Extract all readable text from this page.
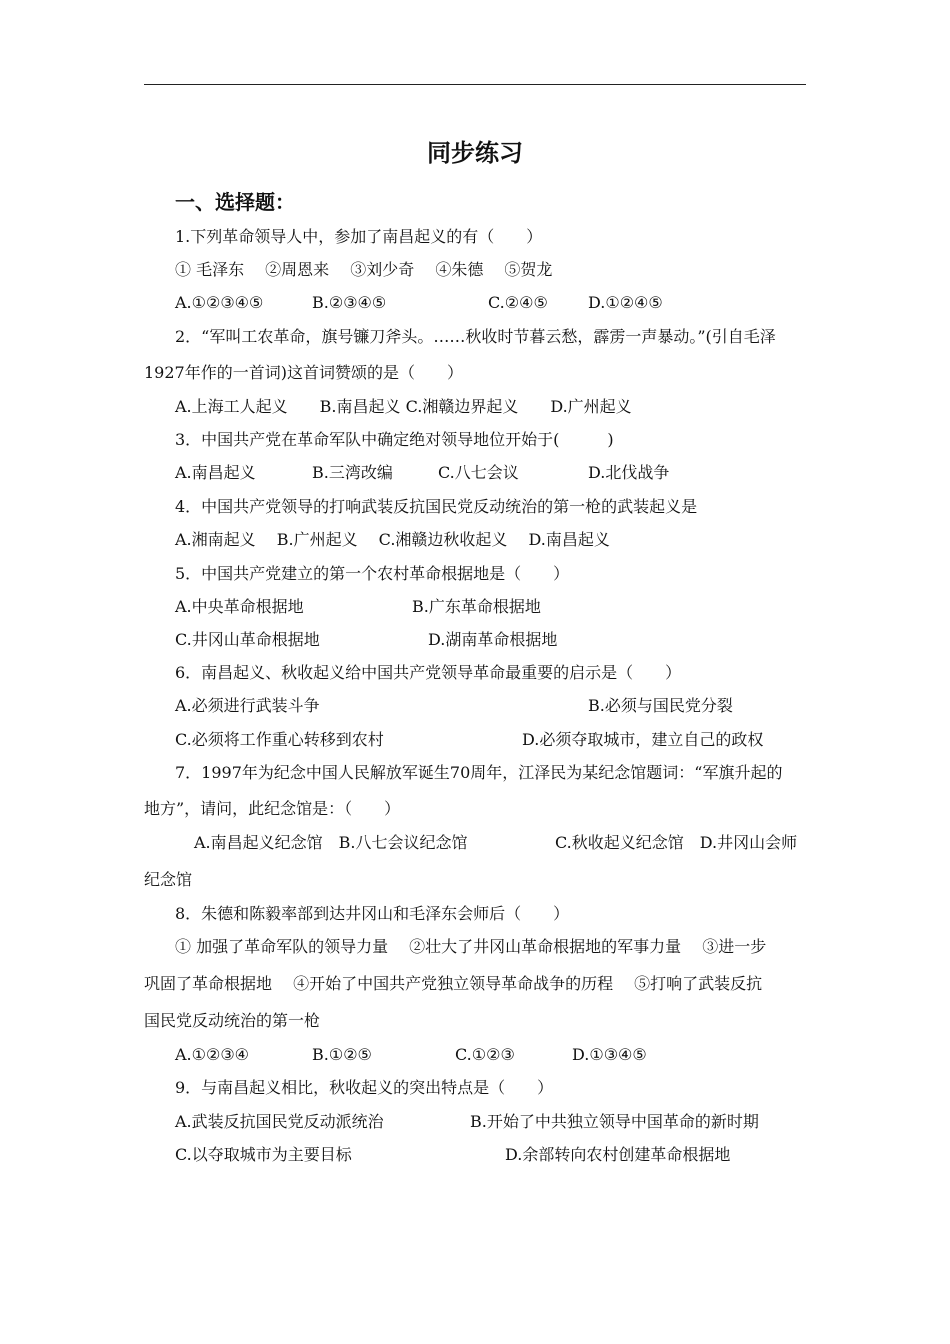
同步练习
一、选择题：
1.下列革命领导人中，参加了南昌起义的有（　　）
① 毛泽东　 ②周恩来　 ③刘少奇　 ④朱德　 ⑤贺龙
A.①②③④⑤	B.②③④⑤	C.②④⑤	D.①②④⑤
2．“军叫工农革命，旗号镰刀斧头。……秋收时节暮云愁，霹雳一声暴动。”(引自毛泽
1927年作的一首词)这首词赞颂的是（　　）
A.上海工人起义　　B.南昌起义 C.湘赣边界起义　　D.广州起义
3．中国共产党在革命军队中确定绝对领导地位开始于(　　　)
A.南昌起义	B.三湾改编	C.八七会议	D.北伐战争
4．中国共产党领导的打响武装反抗国民党反动统治的第一枪的武装起义是
A.湘南起义　 B.广州起义　 C.湘赣边秋收起义　 D.南昌起义
5．中国共产党建立的第一个农村革命根据地是（　　）
A.中央革命根据地	B.广东革命根据地
C.井冈山革命根据地	D.湖南革命根据地
6．南昌起义、秋收起义给中国共产党领导革命最重要的启示是（　　）
A.必须进行武装斗争	B.必须与国民党分裂
C.必须将工作重心转移到农村	D.必须夺取城市，建立自己的政权
7．1997年为纪念中国人民解放军诞生70周年，江泽民为某纪念馆题词：“军旗升起的
地方”，请问，此纪念馆是：（　　）
A.南昌起义纪念馆　B.八七会议纪念馆	C.秋收起义纪念馆　D.井冈山会师
纪念馆
8．朱德和陈毅率部到达井冈山和毛泽东会师后（　　）
① 加强了革命军队的领导力量　 ②壮大了井冈山革命根据地的军事力量　 ③进一步
巩固了革命根据地　 ④开始了中国共产党独立领导革命战争的历程　 ⑤打响了武装反抗
国民党反动统治的第一枪
A.①②③④	B.①②⑤	C.①②③	D.①③④⑤
9．与南昌起义相比，秋收起义的突出特点是（　　）
A.武装反抗国民党反动派统治	B.开始了中共独立领导中国革命的新时期
C.以夺取城市为主要目标	D.余部转向农村创建革命根据地
